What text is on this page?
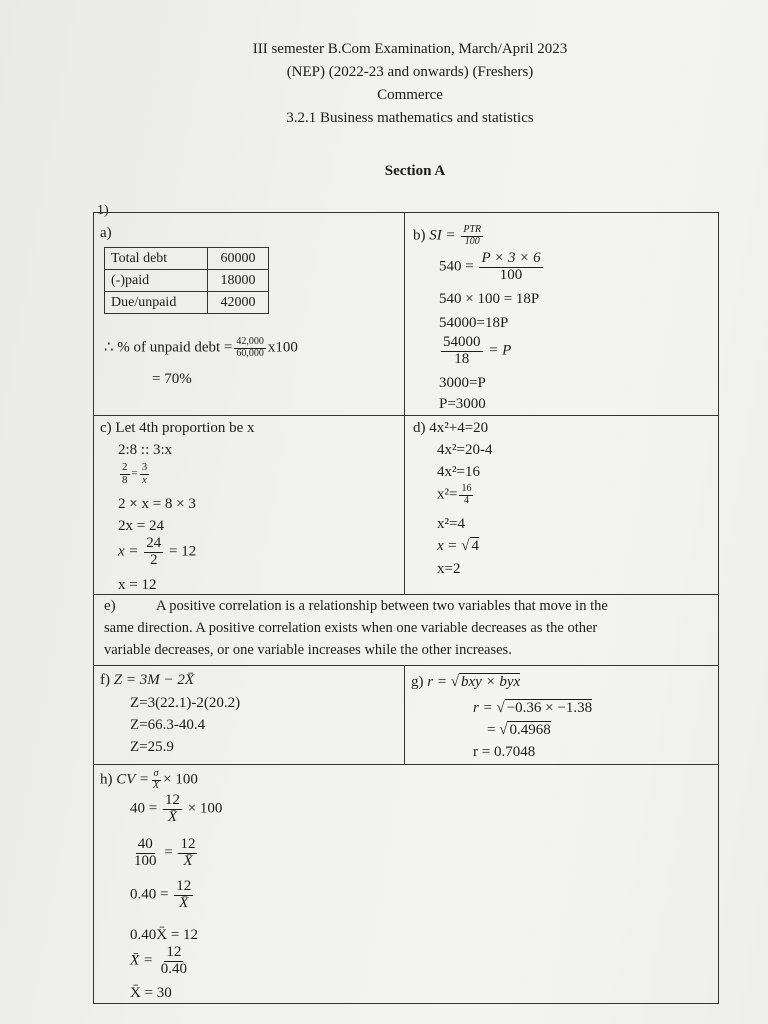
III semester B.Com Examination, March/April 2023
(NEP) (2022-23 and onwards) (Freshers)
Commerce
3.2.1 Business mathematics and statistics
Section A
1)
a)
Total debt	60000
(-)paid	18000
Due/unpaid	42000
∴ % of unpaid debt = $\frac{42,000}{60,000} x100$
= 70%
b) SI = $\frac{\text{PTR}}{100}$
$540 = \frac{P \times 3 \times 6}{100}$
540 × 100 = 18P
54000=18P
$\frac{54000}{18} = P$
3000=P
P=3000
c) Let 4th proportion be x
2:8 :: 3:x
$\frac{2}{8} = \frac{3}{x}$
2 × x = 8 × 3
2x = 24
$x = \frac{24}{2} = 12$
x = 12
d) 4x²+4=20
4x²=20-4
4x²=16
$x^2= \frac{16}{4}$
x²=4
x = √ 4
x=2
e)	A positive correlation is a relationship between two variables that move in the
same direction. A positive correlation exists when one variable decreases as the other
variable decreases, or one variable increases while the other increases.
f) Z = 3M − 2X̄
Z=3(22.1)-2(20.2)
Z=66.3-40.4
Z=25.9
g) r = √ bxy × byx
r = √ −0.36 × −1.38
= √ 0.4968
r = 0.7048
h) CV = $\frac{\sigma}{X̄} \times 100$
$40 = \frac{12}{X̄} \times 100$
$\frac{40}{100} = \frac{12}{X̄}$
$0.40 = \frac{12}{X̄}$
0.40X̄ = 12
X̄ = $\frac{12}{0.40}$
X̄ = 30
